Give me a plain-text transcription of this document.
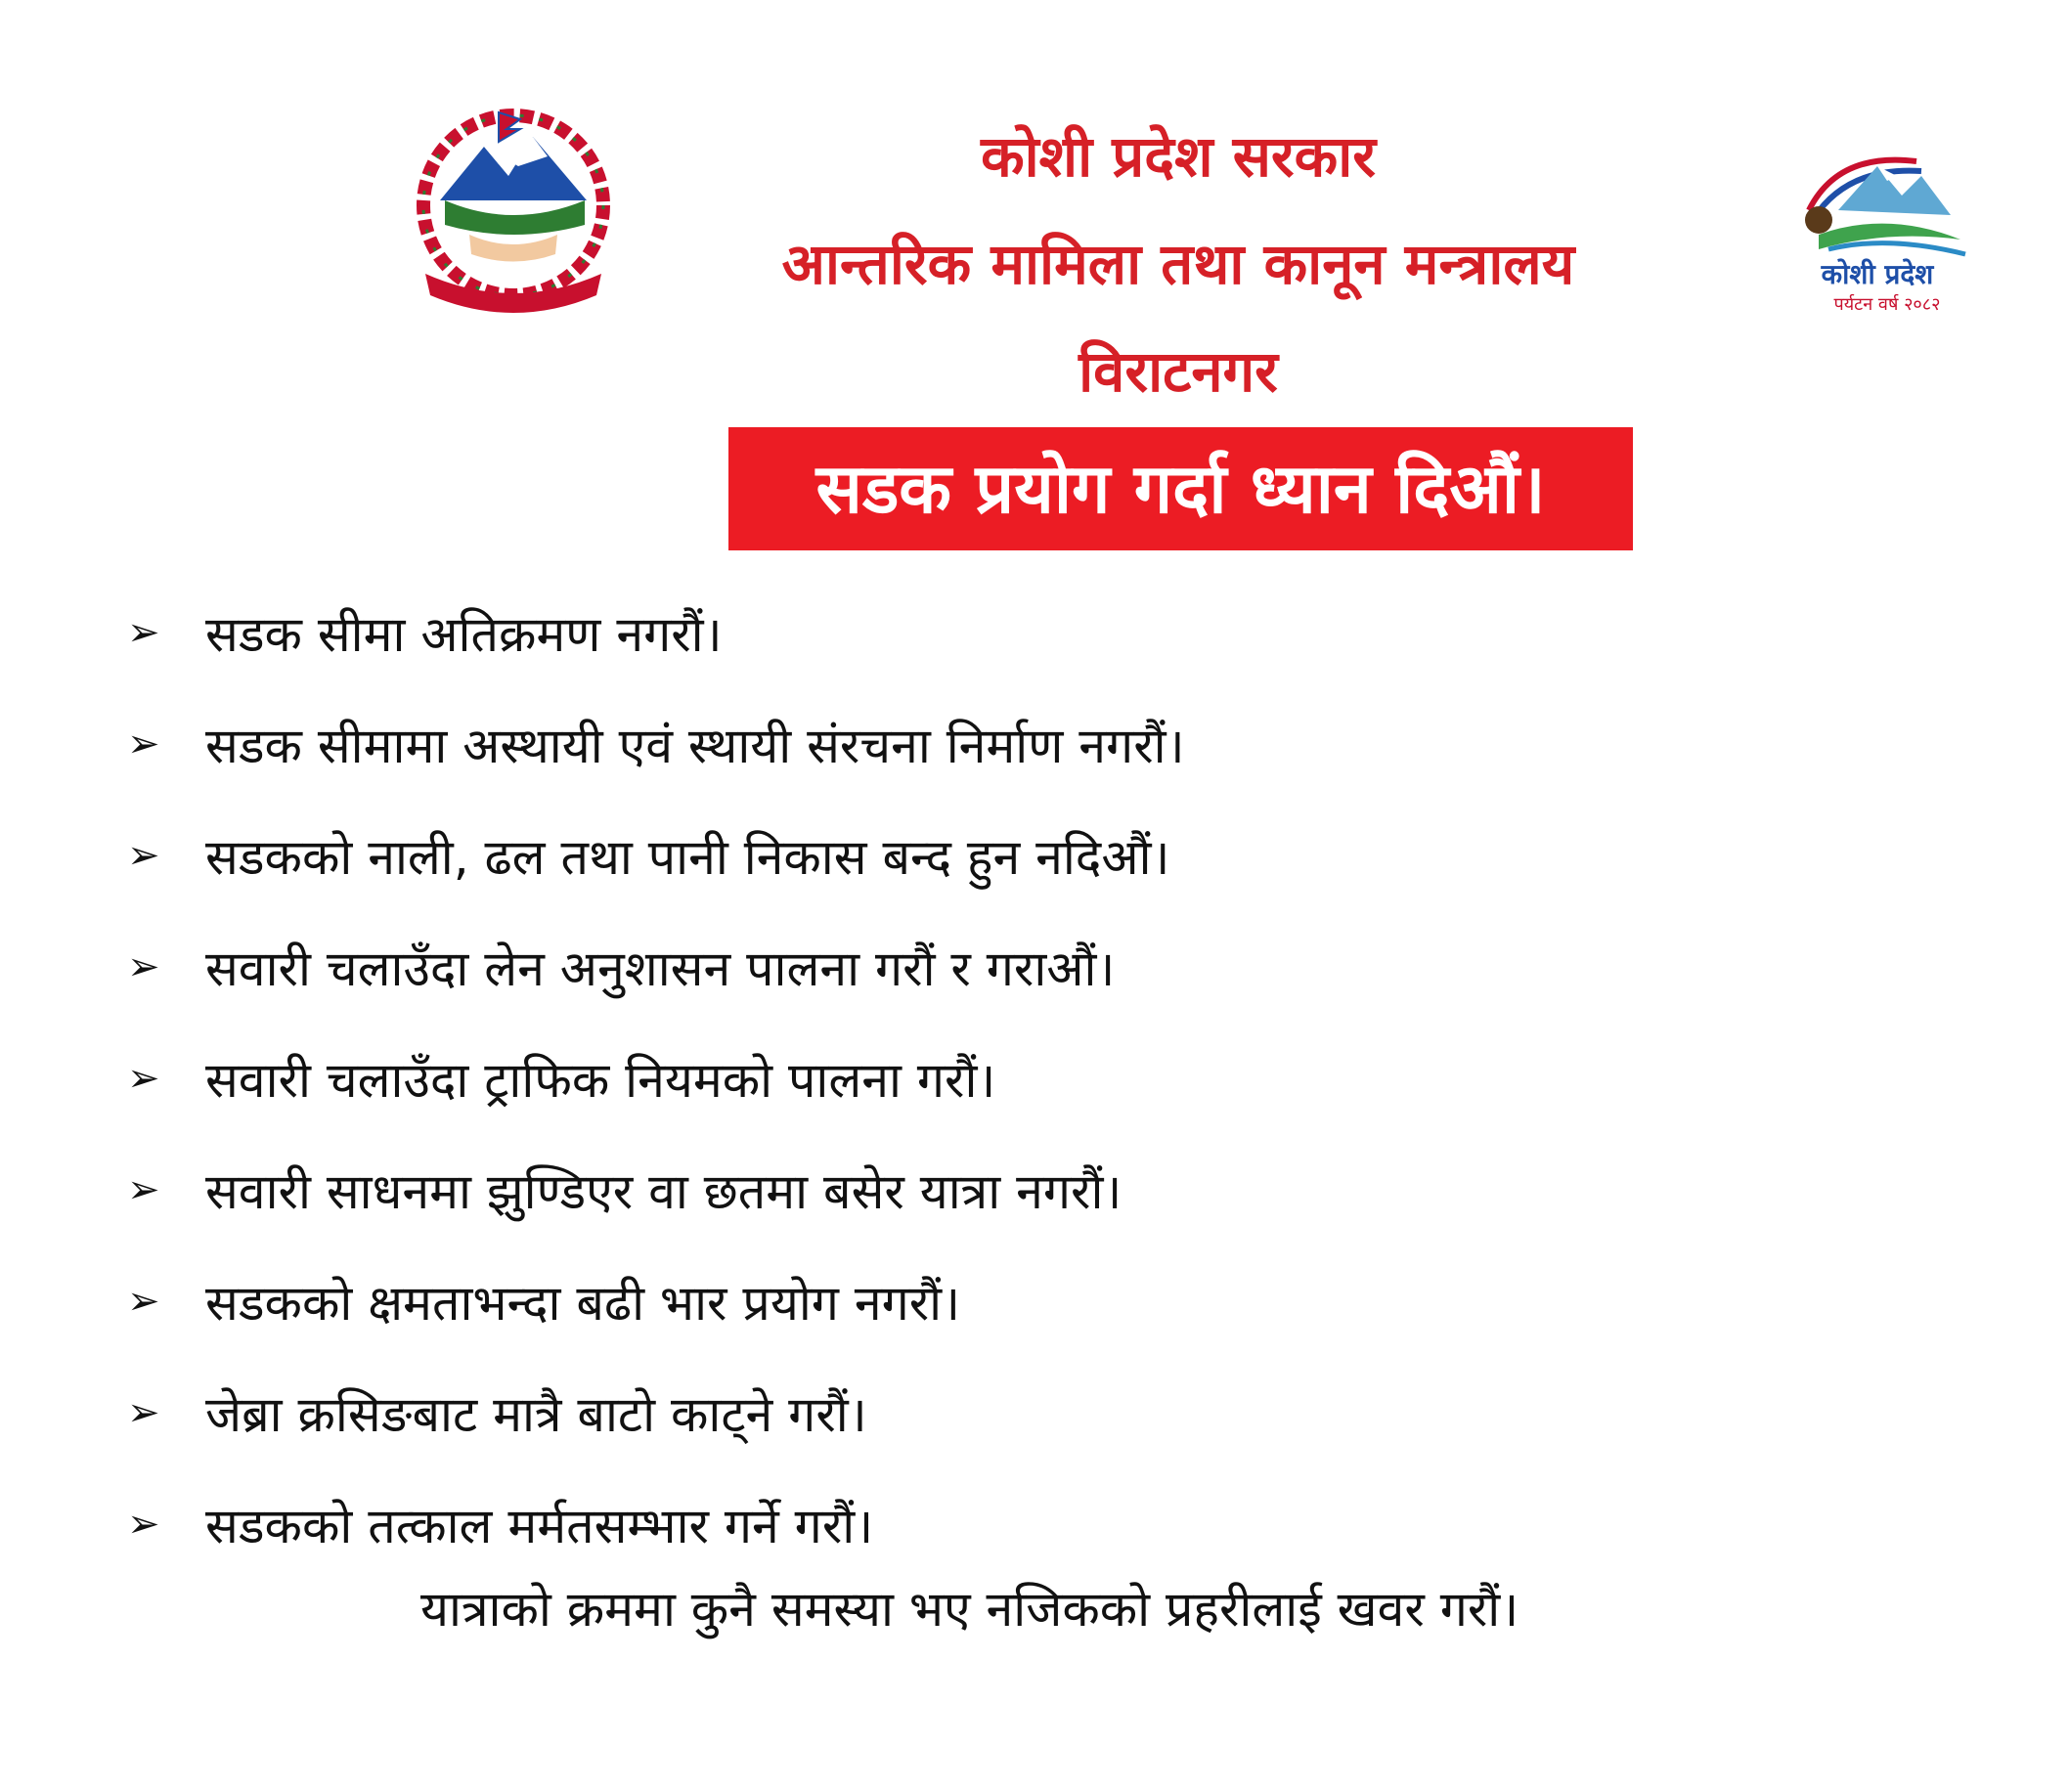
कोशी प्रदेश
पर्यटन वर्ष २०८२
कोशी प्रदेश सरकार
आन्तरिक मामिला तथा कानून मन्त्रालय
विराटनगर
सडक प्रयोग गर्दा ध्यान दिऔं।
➢ सडक सीमा अतिक्रमण नगरौं।
➢ सडक सीमामा अस्थायी एवं स्थायी संरचना निर्माण नगरौं।
➢ सडकको नाली, ढल तथा पानी निकास बन्द हुन नदिऔं।
➢ सवारी चलाउँदा लेन अनुशासन पालना गरौं र गराऔं।
➢ सवारी चलाउँदा ट्राफिक नियमको पालना गरौं।
➢ सवारी साधनमा झुण्डिएर वा छतमा बसेर यात्रा नगरौं।
➢ सडकको क्षमताभन्दा बढी भार प्रयोग नगरौं।
➢ जेब्रा क्रसिङबाट मात्रै बाटो काट्ने गरौं।
➢ सडकको तत्काल मर्मतसम्भार गर्ने गरौं।
यात्राको क्रममा कुनै समस्या भए नजिकको प्रहरीलाई खवर गरौं।
